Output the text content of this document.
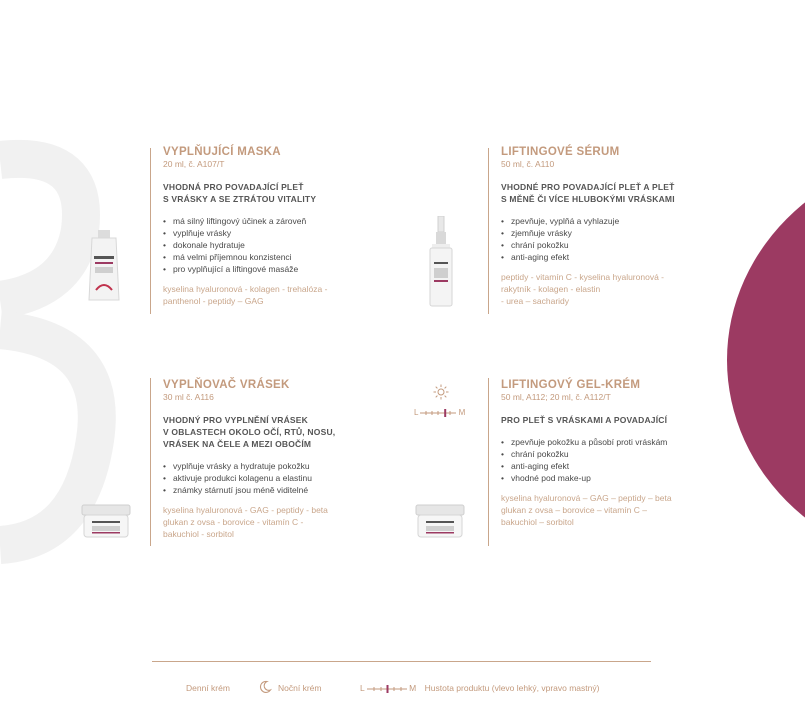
VYPLŇUJÍCÍ MASKA
20 ml, č. A107/T
VHODNÁ PRO POVADAJÍCÍ PLEŤ
S VRÁSKY A SE ZTRÁTOU VITALITY
• má silný liftingový účinek a zároveň
• vyplňuje vrásky
• dokonale hydratuje
• má velmi příjemnou konzistenci
• pro vyplňující a liftingové masáže
kyselina hyaluronová - kolagen - trehalóza -
panthenol - peptidy – GAG
LIFTINGOVÉ SÉRUM
50 ml, č. A110
VHODNÉ PRO POVADAJÍCÍ PLEŤ A PLEŤ
S MĚNĚ ČI VÍCE HLUBOKÝMI VRÁSKAMI
• zpevňuje, vyplňá a vyhlazuje
• zjemňuje vrásky
• chrání pokožku
• anti-aging efekt
peptidy - vitamín C - kyselina hyaluronová -
rakytník - kolagen - elastin
- urea – sacharidy
VYPLŇOVAČ VRÁSEK
30 ml č. A116
VHODNÝ PRO VYPLNĚNÍ VRÁSEK
V OBLASTECH OKOLO OČÍ, RTŮ, NOSU,
VRÁSEK NA ČELE A MEZI OBOČÍM
• vyplňuje vrásky a hydratuje pokožku
• aktivuje produkci kolagenu a elastinu
• známky stárnutí jsou méně viditelné
kyselina hyaluronová - GAG - peptidy - beta
glukan z ovsa - borovice - vitamín C -
bakuchiol - sorbitol
L	M
LIFTINGOVÝ GEL-KRÉM
50 ml, A112; 20 ml, č. A112/T
PRO PLEŤ S VRÁSKAMI A POVADAJÍCÍ
• zpevňuje pokožku a působí proti vráskám
• chrání pokožku
• anti-aging efekt
• vhodné pod make-up
kyselina hyaluronová – GAG – peptidy – beta
glukan z ovsa – borovice – vitamín C –
bakuchiol – sorbitol
Denní krém	Noční krém	L	M Hustota produktu (vlevo lehký, vpravo mastný)
